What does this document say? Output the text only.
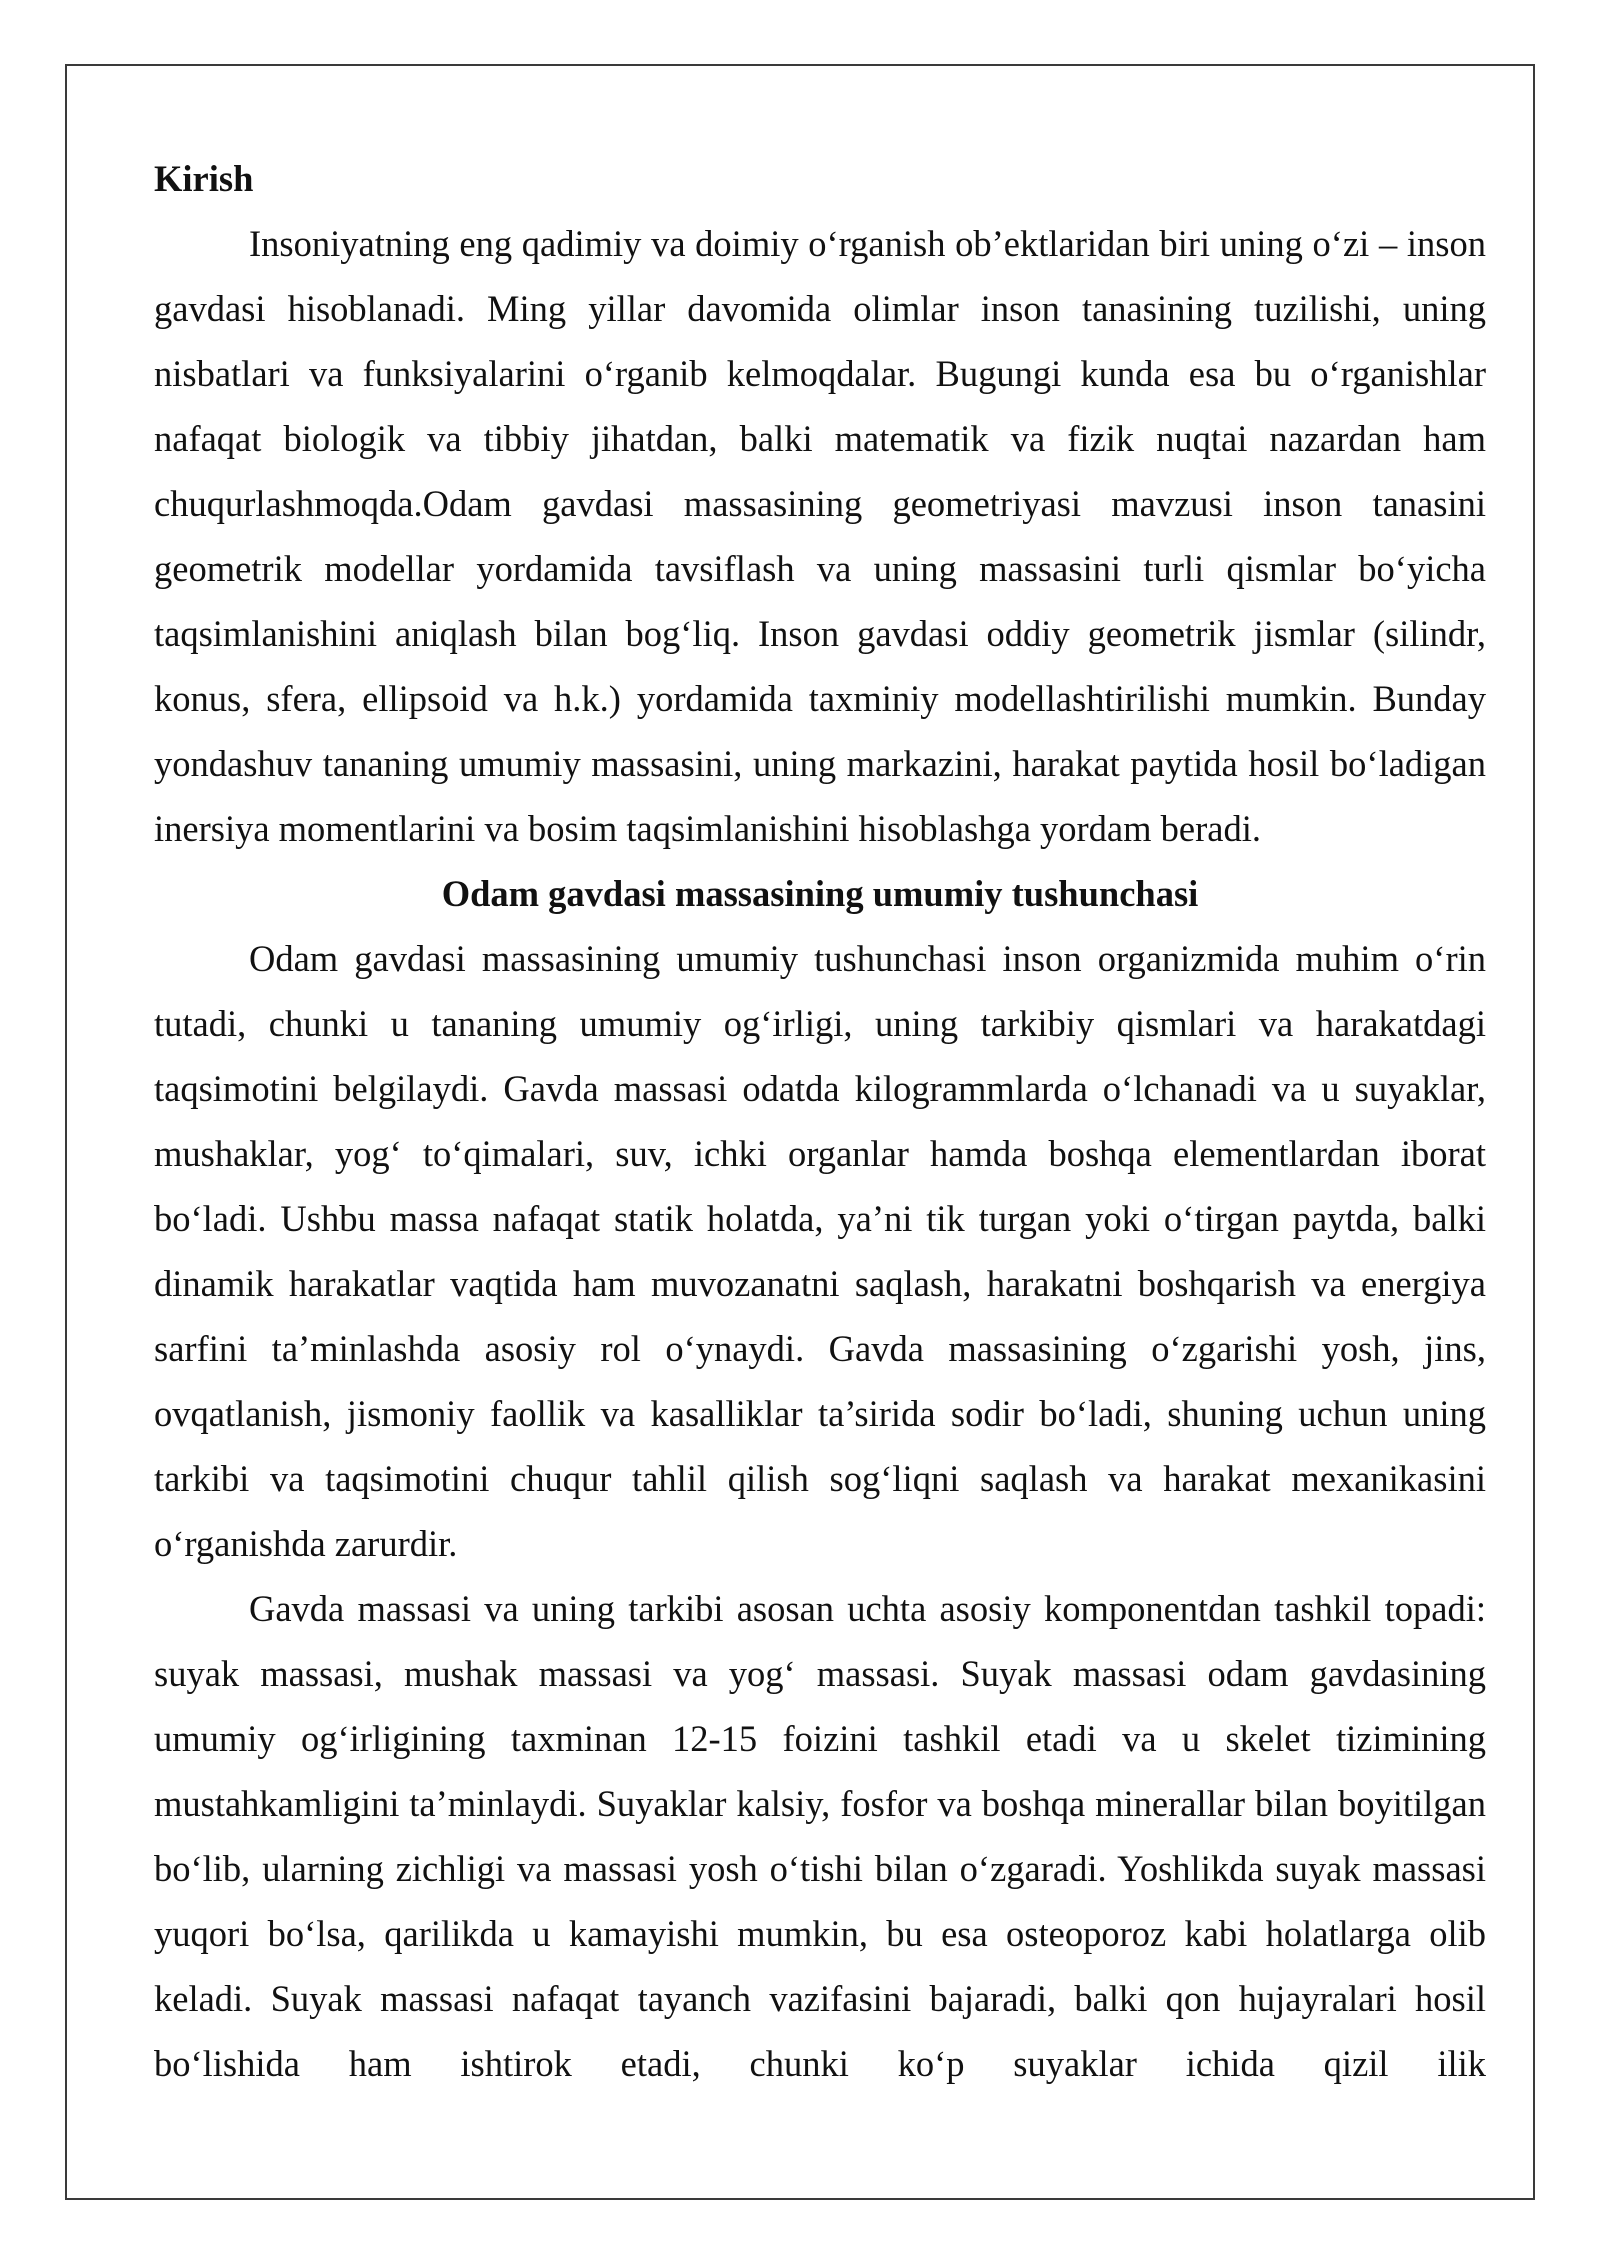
Kirish

Insoniyatning eng qadimiy va doimiy o‘rganish ob’ektlaridan biri uning o‘zi – inson gavdasi hisoblanadi. Ming yillar davomida olimlar inson tanasining tuzilishi, uning nisbatlari va funksiyalarini o‘rganib kelmoqdalar. Bugungi kunda esa bu o‘rganishlar nafaqat biologik va tibbiy jihatdan, balki matematik va fizik nuqtai nazardan ham chuqurlashmoqda.Odam gavdasi massasining geometriyasi mavzusi inson tanasini geometrik modellar yordamida tavsiflash va uning massasini turli qismlar bo‘yicha taqsimlanishini aniqlash bilan bog‘liq. Inson gavdasi oddiy geometrik jismlar (silindr, konus, sfera, ellipsoid va h.k.) yordamida taxminiy modellashtirilishi mumkin. Bunday yondashuv tananing umumiy massasini, uning markazini, harakat paytida hosil bo‘ladigan inersiya momentlarini va bosim taqsimlanishini hisoblashga yordam beradi.

Odam gavdasi massasining umumiy tushunchasi

Odam gavdasi massasining umumiy tushunchasi inson organizmida muhim o‘rin tutadi, chunki u tananing umumiy og‘irligi, uning tarkibiy qismlari va harakatdagi taqsimotini belgilaydi. Gavda massasi odatda kilogrammlarda o‘lchanadi va u suyaklar, mushaklar, yog‘ to‘qimalari, suv, ichki organlar hamda boshqa elementlardan iborat bo‘ladi. Ushbu massa nafaqat statik holatda, ya’ni tik turgan yoki o‘tirgan paytda, balki dinamik harakatlar vaqtida ham muvozanatni saqlash, harakatni boshqarish va energiya sarfini ta’minlashda asosiy rol o‘ynaydi. Gavda massasining o‘zgarishi yosh, jins, ovqatlanish, jismoniy faollik va kasalliklar ta’sirida sodir bo‘ladi, shuning uchun uning tarkibi va taqsimotini chuqur tahlil qilish sog‘liqni saqlash va harakat mexanikasini o‘rganishda zarurdir.

Gavda massasi va uning tarkibi asosan uchta asosiy komponentdan tashkil topadi: suyak massasi, mushak massasi va yog‘ massasi. Suyak massasi odam gavdasining umumiy og‘irligining taxminan 12-15 foizini tashkil etadi va u skelet tizimining mustahkamligini ta’minlaydi. Suyaklar kalsiy, fosfor va boshqa minerallar bilan boyitilgan bo‘lib, ularning zichligi va massasi yosh o‘tishi bilan o‘zgaradi. Yoshlikda suyak massasi yuqori bo‘lsa, qarilikda u kamayishi mumkin, bu esa osteoporoz kabi holatlarga olib keladi. Suyak massasi nafaqat tayanch vazifasini bajaradi, balki qon hujayralari hosil bo‘lishida ham ishtirok etadi, chunki ko‘p suyaklar ichida qizil ilik
